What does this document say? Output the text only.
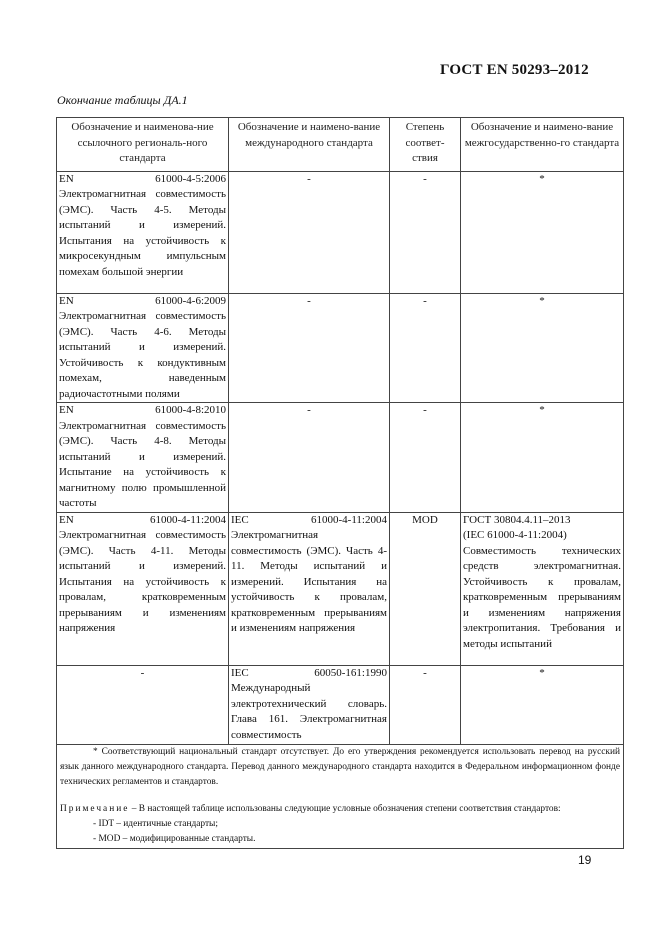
ГОСТ EN 50293–2012
Окончание таблицы ДА.1
Обозначение и наименова-ние ссылочного региональ-ного стандарта	Обозначение и наимено-вание международного стандарта	Степень соответ-ствия	Обозначение и наимено-вание межгосударственно-го стандарта
EN 61000-4-5:2006 Электромагнитная совместимость (ЭМС). Часть 4-5. Методы испытаний и измерений. Испытания на устойчивость к микросекундным импульсным помехам большой энергии	-	-	*
EN 61000-4-6:2009 Электромагнитная совместимость (ЭМС). Часть 4-6. Методы испытаний и измерений. Устойчивость к кондуктивным помехам, наведенным радиочастотными полями	-	-	*
EN 61000-4-8:2010 Электромагнитная совместимость (ЭМС). Часть 4-8. Методы испытаний и измерений. Испытание на устойчивость к магнитному полю промышленной частоты	-	-	*
EN 61000-4-11:2004 Электромагнитная совместимость (ЭМС). Часть 4-11. Методы испытаний и измерений. Испытания на устойчивость к провалам, кратковременным прерываниям и изменениям напряжения	IEC 61000-4-11:2004 Электромагнитная совместимость (ЭМС). Часть 4-11. Методы испытаний и измерений. Испытания на устойчивость к провалам, кратковременным прерываниям и изменениям напряжения	MOD	ГОСТ 30804.4.11–2013
(IEC 61000-4-11:2004)
Совместимость технических средств электромагнитная. Устойчивость к провалам, кратковременным прерываниям и изменениям напряжения электропитания. Требования и методы испытаний

-	IEC 60050-161:1990 Международный электротехнический словарь. Глава 161. Электромагнитная совместимость	-	*

* Соответствующий национальный стандарт отсутствует. До его утверждения рекомендуется использовать перевод на русский язык данного международного стандарта. Перевод данного международного стандарта находится в Федеральном информационном фонде технических регламентов и стандартов.

Примечание – В настоящей таблице использованы следующие условные обозначения степени соответствия стандартов:

- IDT – идентичные стандарты;

- MOD – модифицированные стандарты.			

19
